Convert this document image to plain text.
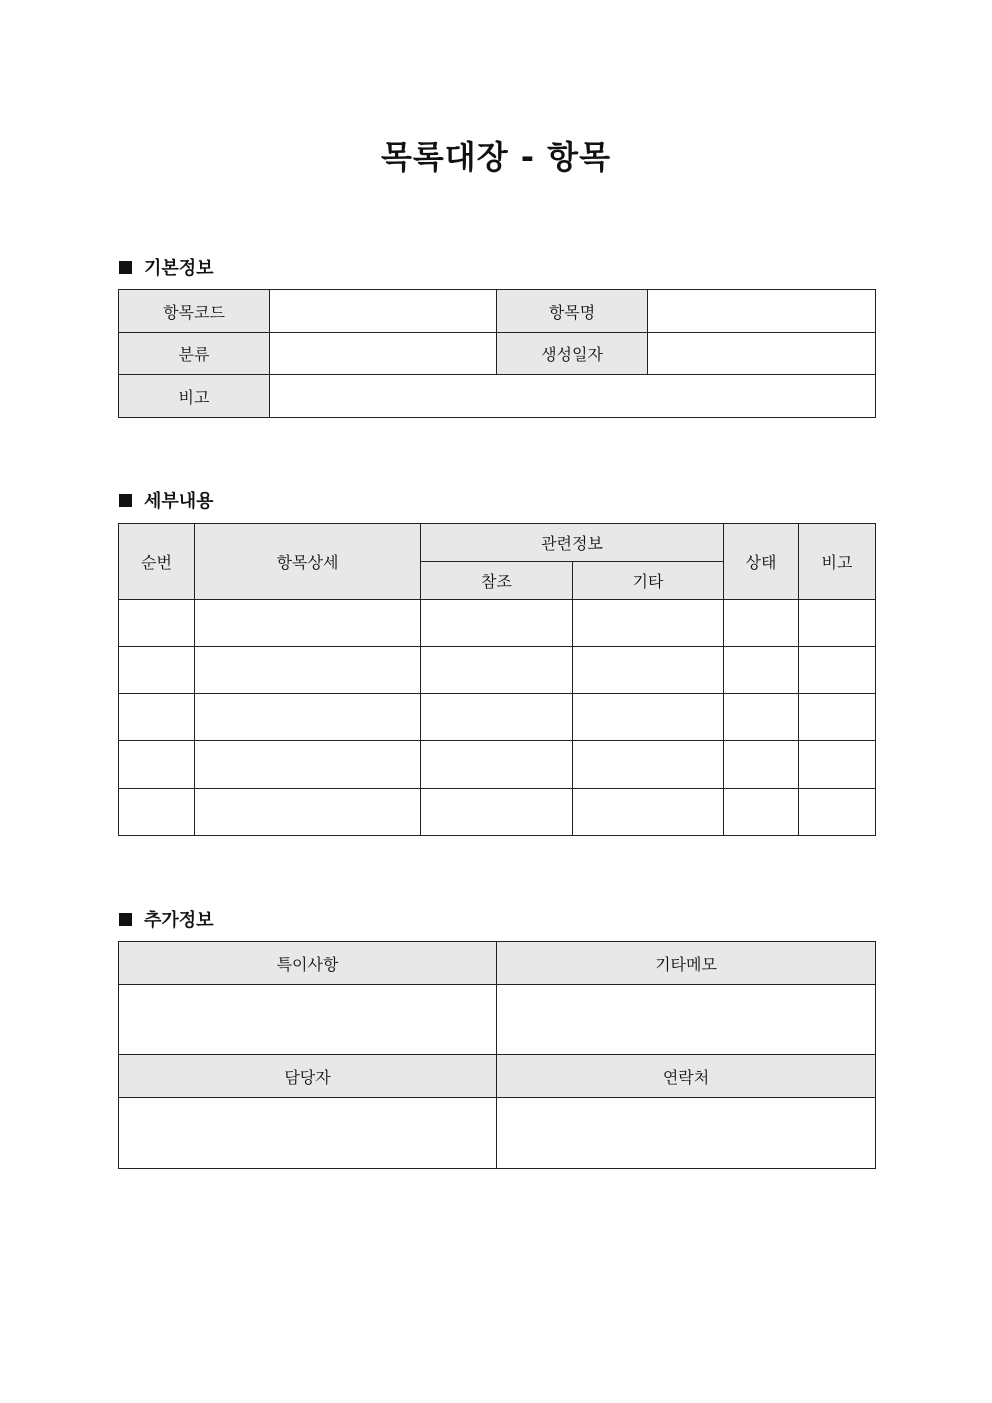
목록대장 - 항목
기본정보
항목코드		항목명	
분류		생성일자	
비고			
세부내용
순번	항목상세	관련정보		상태	비고
		참조	기타		

추가정보
특이사항	기타메모

담당자	연락처
